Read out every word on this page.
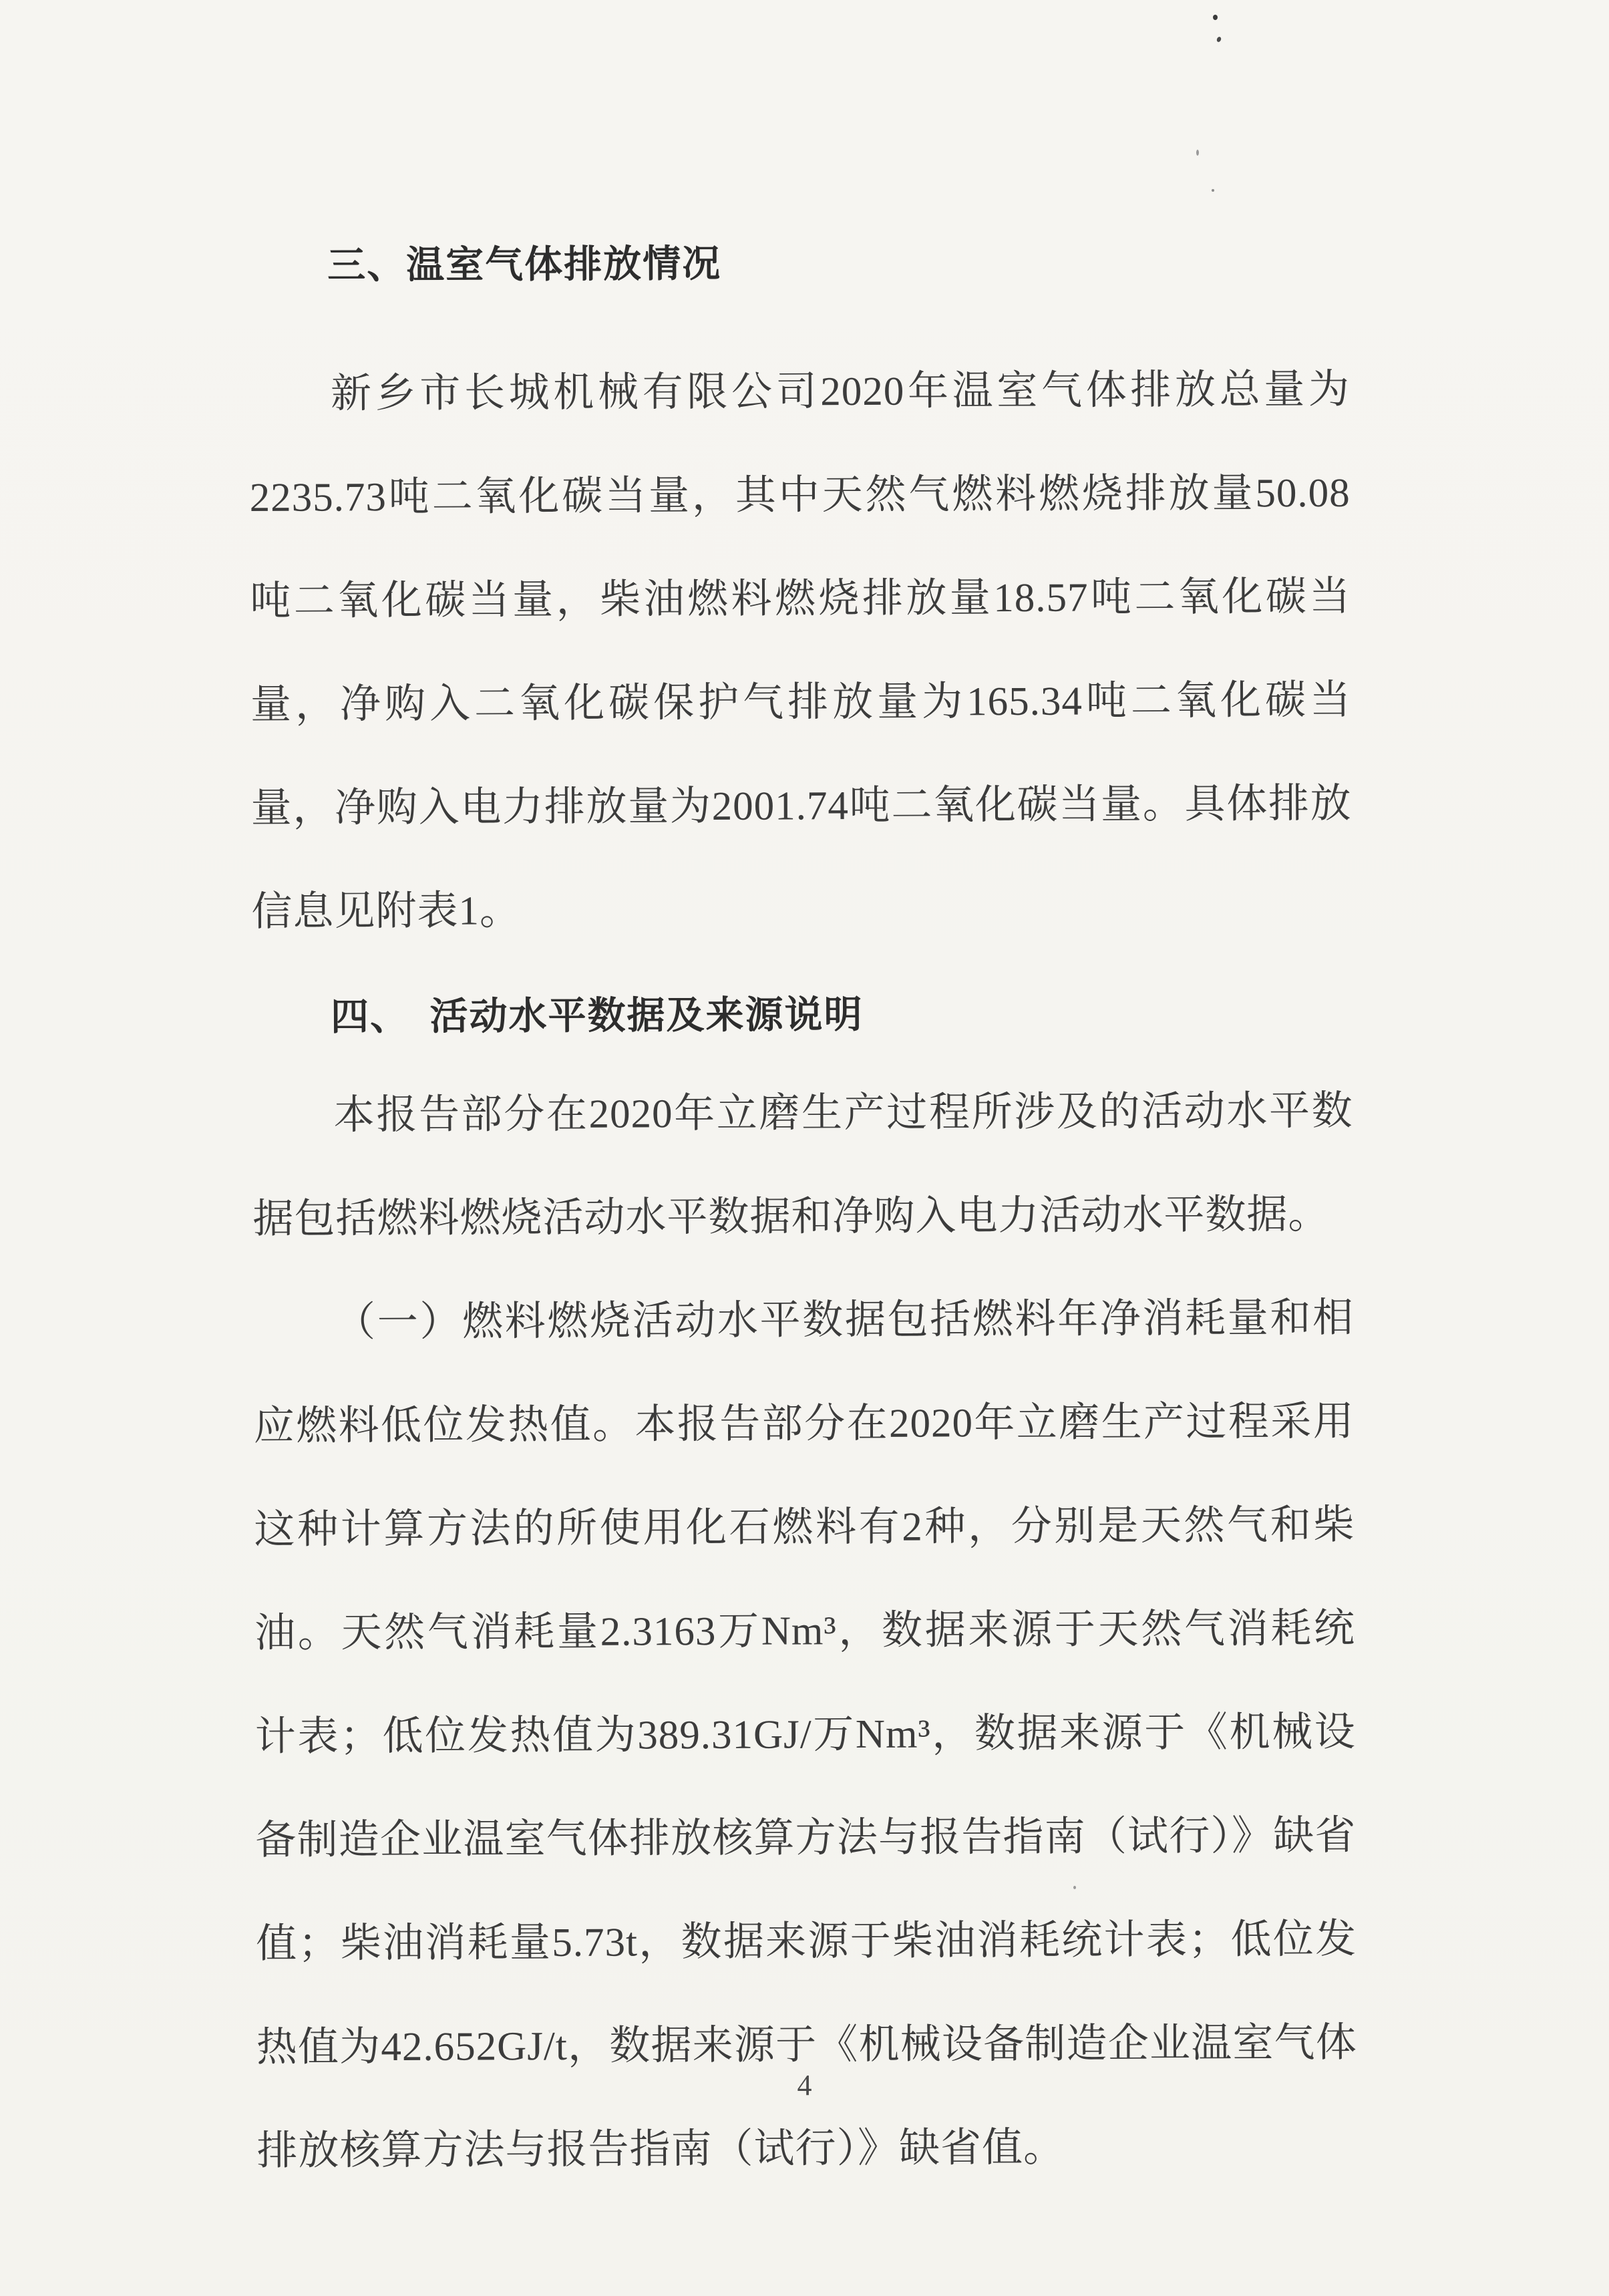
三、温室气体排放情况

新乡市长城机械有限公司2020年温室气体排放总量为2235.73吨二氧化碳当量，其中天然气燃料燃烧排放量50.08吨二氧化碳当量，柴油燃料燃烧排放量18.57吨二氧化碳当量，净购入二氧化碳保护气排放量为165.34吨二氧化碳当量，净购入电力排放量为2001.74吨二氧化碳当量。具体排放信息见附表1。

四、　活动水平数据及来源说明

本报告部分在2020年立磨生产过程所涉及的活动水平数据包括燃料燃烧活动水平数据和净购入电力活动水平数据。

（一）燃料燃烧活动水平数据包括燃料年净消耗量和相应燃料低位发热值。本报告部分在2020年立磨生产过程采用这种计算方法的所使用化石燃料有2种，分别是天然气和柴油。天然气消耗量2.3163万Nm³，数据来源于天然气消耗统计表；低位发热值为389.31GJ/万Nm³，数据来源于《机械设备制造企业温室气体排放核算方法与报告指南（试行）》缺省值；柴油消耗量5.73t，数据来源于柴油消耗统计表；低位发热值为42.652GJ/t，数据来源于《机械设备制造企业温室气体排放核算方法与报告指南（试行）》缺省值。

4
